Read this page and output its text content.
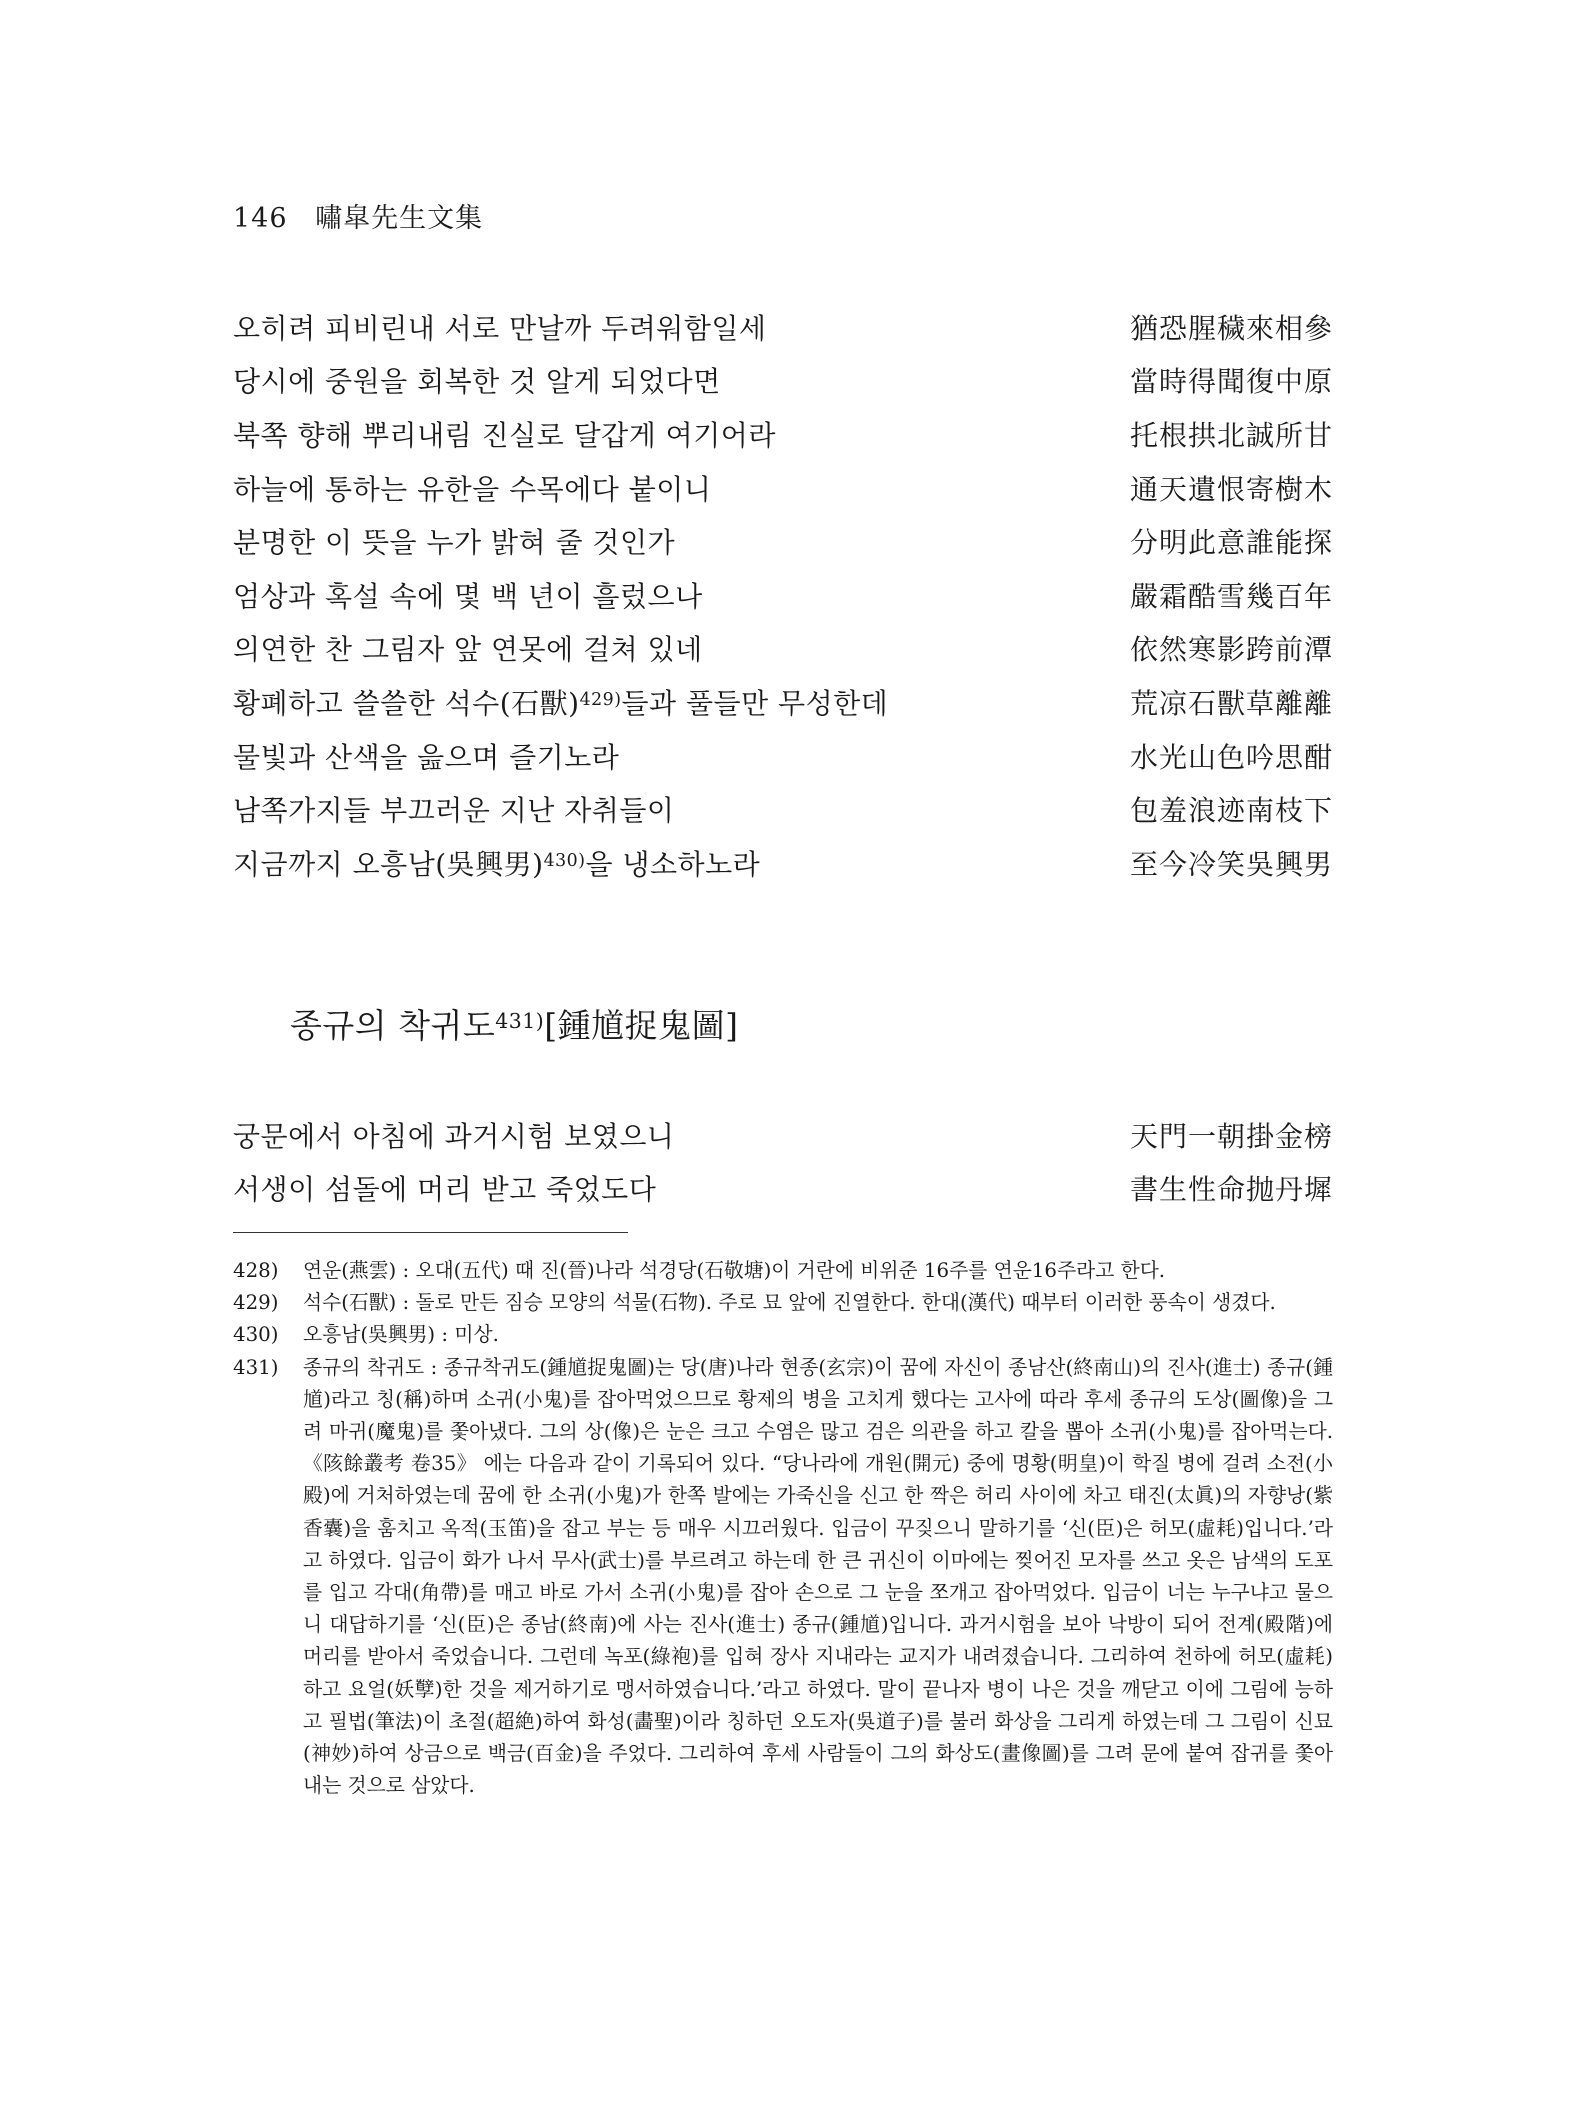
146 嘯皐先生文集
오히려 피비린내 서로 만날까 두려워함일세	猶恐腥穢來相參
당시에 중원을 회복한 것 알게 되었다면	當時得聞復中原
북쪽 향해 뿌리내림 진실로 달갑게 여기어라	托根拱北誠所甘
하늘에 통하는 유한을 수목에다 붙이니	通天遺恨寄樹木
분명한 이 뜻을 누가 밝혀 줄 것인가	分明此意誰能探
엄상과 혹설 속에 몇 백 년이 흘렀으나	嚴霜酷雪幾百年
의연한 찬 그림자 앞 연못에 걸쳐 있네	依然寒影跨前潭
황폐하고 쓸쓸한 석수(石獸)$^{429)}$들과 풀들만 무성한데	荒凉石獸草離離
물빛과 산색을 읊으며 즐기노라	水光山色吟思酣
남쪽가지들 부끄러운 지난 자취들이	包羞浪迹南枝下
지금까지 오흥남(吳興男)$^{430)}$을 냉소하노라	至今冷笑吳興男
종규의 착귀도$^{431)}$[鍾馗捉鬼圖]
궁문에서 아침에 과거시험 보였으니	天門一朝掛金榜
서생이 섬돌에 머리 받고 죽었도다	書生性命抛丹墀
428)	연운(燕雲) : 오대(五代) 때 진(晉)나라 석경당(石敬塘)이 거란에 비위준 16주를 연운16주라고 한다.
429)	석수(石獸) : 돌로 만든 짐승 모양의 석물(石物). 주로 묘 앞에 진열한다. 한대(漢代) 때부터 이러한 풍속이 생겼다.
430)	오흥남(吳興男) : 미상.
431)	종규의 착귀도 : 종규착귀도(鍾馗捉鬼圖)는 당(唐)나라 현종(玄宗)이 꿈에 자신이 종남산(終南山)의 진사(進士) 종규(鍾馗)라고 칭(稱)하며 소귀(小鬼)를 잡아먹었으므로 황제의 병을 고치게 했다는 고사에 따라 후세 종규의 도상(圖像)을 그려 마귀(魔鬼)를 쫓아냈다. 그의 상(像)은 눈은 크고 수염은 많고 검은 의관을 하고 칼을 뽑아 소귀(小鬼)를 잡아먹는다. 《陔餘叢考 卷35》 에는 다음과 같이 기록되어 있다. “당나라에 개원(開元) 중에 명황(明皇)이 학질 병에 걸려 소전(小殿)에 거처하였는데 꿈에 한 소귀(小鬼)가 한쪽 발에는 가죽신을 신고 한 짝은 허리 사이에 차고 태진(太眞)의 자향낭(紫香囊)을 훔치고 옥적(玉笛)을 잡고 부는 등 매우 시끄러웠다. 입금이 꾸짖으니 말하기를 ‘신(臣)은 허모(虛耗)입니다.’라고 하였다. 입금이 화가 나서 무사(武士)를 부르려고 하는데 한 큰 귀신이 이마에는 찢어진 모자를 쓰고 옷은 남색의 도포를 입고 각대(角帶)를 매고 바로 가서 소귀(小鬼)를 잡아 손으로 그 눈을 쪼개고 잡아먹었다. 입금이 너는 누구냐고 물으니 대답하기를 ‘신(臣)은 종남(終南)에 사는 진사(進士) 종규(鍾馗)입니다. 과거시험을 보아 낙방이 되어 전계(殿階)에 머리를 받아서 죽었습니다. 그런데 녹포(綠袍)를 입혀 장사 지내라는 교지가 내려졌습니다. 그리하여 천하에 허모(虛耗)하고 요얼(妖孼)한 것을 제거하기로 맹서하였습니다.’라고 하였다. 말이 끝나자 병이 나은 것을 깨닫고 이에 그림에 능하고 필법(筆法)이 초절(超絶)하여 화성(畵聖)이라 칭하던 오도자(吳道子)를 불러 화상을 그리게 하였는데 그 그림이 신묘(神妙)하여 상금으로 백금(百金)을 주었다. 그리하여 후세 사람들이 그의 화상도(畫像圖)를 그려 문에 붙여 잡귀를 쫓아내는 것으로 삼았다.
